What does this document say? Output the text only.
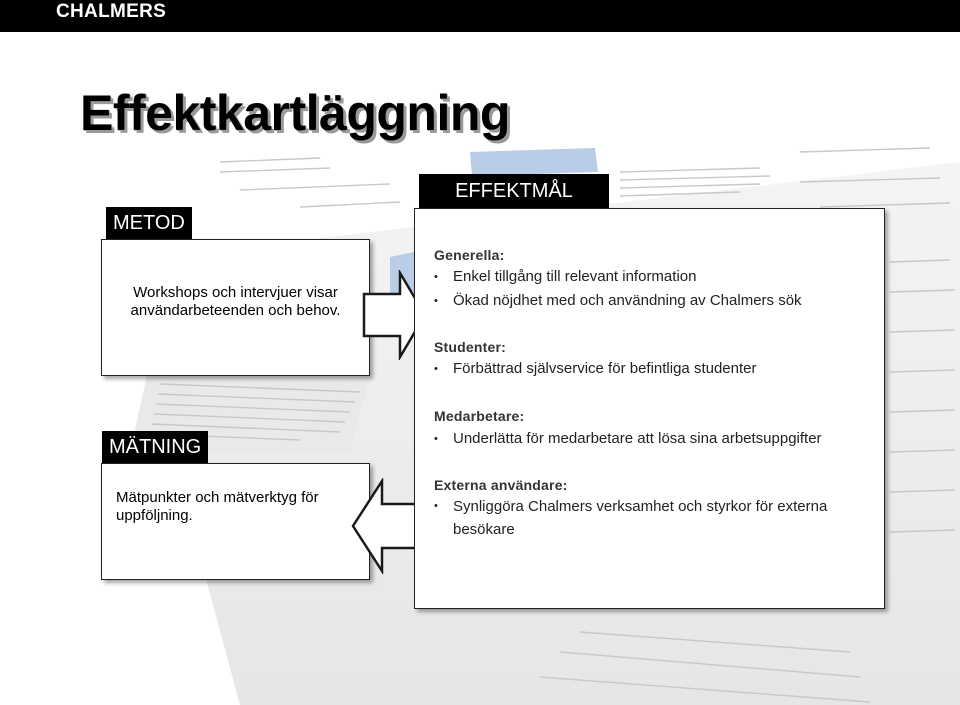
CHALMERS
Effektkartläggning
METOD
Workshops och intervjuer visar användarbeteenden och behov.
MÄTNING
Mätpunkter och mätverktyg för uppföljning.
EFFEKTMÅL
Generella:
• Enkel tillgång till relevant information
• Ökad nöjdhet med och användning av Chalmers sök
Studenter:
• Förbättrad självservice för befintliga studenter
Medarbetare:
• Underlätta för medarbetare att lösa sina arbetsuppgifter
Externa användare:
•	Synliggöra Chalmers verksamhet och styrkor för externa besökare
